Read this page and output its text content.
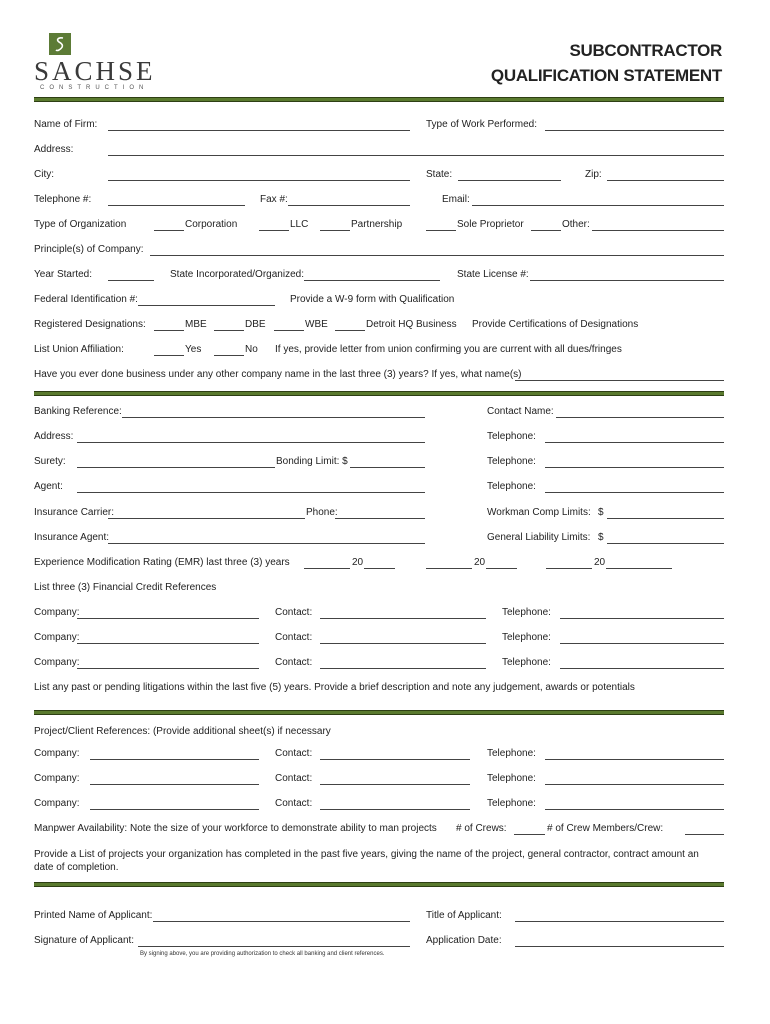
SACHSE
CONSTRUCTION
SUBCONTRACTOR
QUALIFICATION STATEMENT
Name of Firm:	Type of Work Performed:
Address:
City:	State:	Zip:
Telephone #:	Fax #:	Email:
Type of Organization	Corporation	LLC	Partnership	Sole Proprietor	Other:
Principle(s) of Company:
Year Started:	State Incorporated/Organized:	State License #:
Federal Identification #:	Provide a W-9 form with Qualification
Registered Designations:	MBE	DBE	WBE	Detroit HQ Business Provide Certifications of Designations
List Union Affiliation:	Yes	No If yes, provide letter from union confirming you are current with all dues/fringes
Have you ever done business under any other company name in the last three (3) years? If yes, what name(s)
Banking Reference:	Contact Name:
Address:	Telephone:
Surety:	Bonding Limit: $	Telephone:
Agent:	Telephone:
Insurance Carrier:	Phone:	Workman Comp Limits: $
Insurance Agent:	General Liability Limits: $
Experience Modification Rating (EMR) last three (3) years	20	20	20
List three (3) Financial Credit References
Company:	Contact:	Telephone:
Company:	Contact:	Telephone:
Company:	Contact:	Telephone:
List any past or pending litigations within the last five (5) years. Provide a brief description and note any judgement, awards or potentials
Project/Client References: (Provide additional sheet(s) if necessary
Company:	Contact:	Telephone:
Company:	Contact:	Telephone:
Company:	Contact:	Telephone:
Manpwer Availability: Note the size of your workforce to demonstrate ability to man projects # of Crews:	# of Crew Members/Crew:
Provide a List of projects your organization has completed in the past five years, giving the name of the project, general contractor, contract amount an
date of completion.
Printed Name of Applicant:	Title of Applicant:
Signature of Applicant:	Application Date:
By signing above, you are providing authorization to check all banking and client references.
